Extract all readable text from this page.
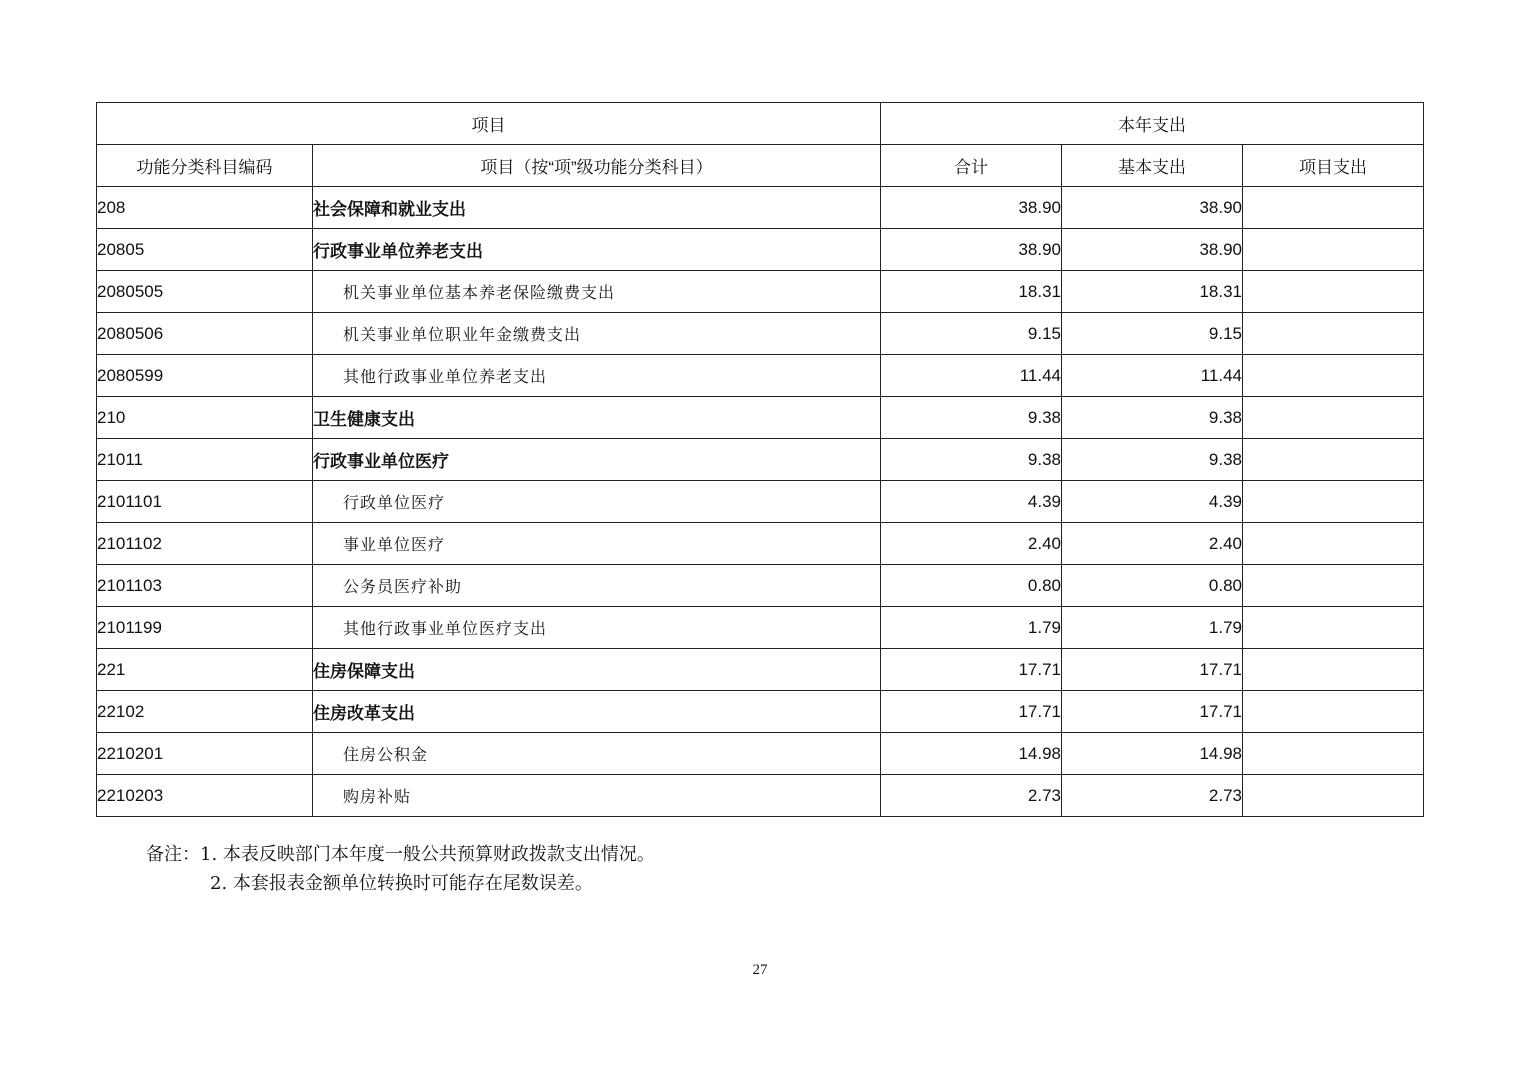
项目		本年支出		
功能分类科目编码	项目（按“项”级功能分类科目）	合计	基本支出	项目支出
208	社会保障和就业支出	38.90	38.90	
20805	行政事业单位养老支出	38.90	38.90	
2080505	机关事业单位基本养老保险缴费支出	18.31	18.31	
2080506	机关事业单位职业年金缴费支出	9.15	9.15	
2080599	其他行政事业单位养老支出	11.44	11.44	
210	卫生健康支出	9.38	9.38	
21011	行政事业单位医疗	9.38	9.38	
2101101	行政单位医疗	4.39	4.39	
2101102	事业单位医疗	2.40	2.40	
2101103	公务员医疗补助	0.80	0.80	
2101199	其他行政事业单位医疗支出	1.79	1.79	
221	住房保障支出	17.71	17.71	
22102	住房改革支出	17.71	17.71	
2210201	住房公积金	14.98	14.98	
2210203	购房补贴	2.73	2.73	
备注：1. 本表反映部门本年度一般公共预算财政拨款支出情况。
2. 本套报表金额单位转换时可能存在尾数误差。
27
